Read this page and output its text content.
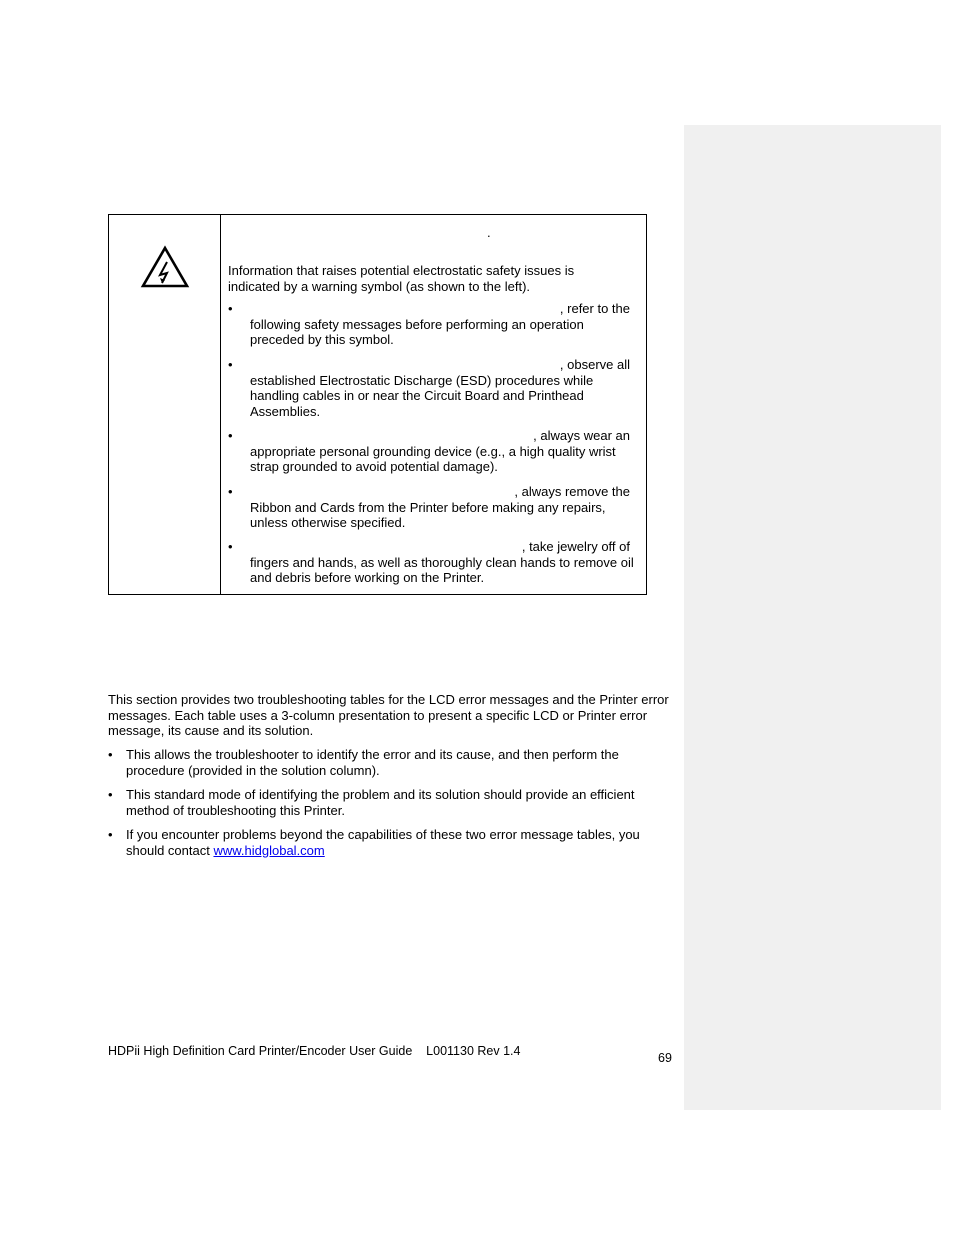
.
Information that raises potential electrostatic safety issues is indicated by a warning symbol (as shown to the left).
•	, refer to the
following safety messages before performing an operation preceded by this symbol.
•	, observe all
established Electrostatic Discharge (ESD) procedures while handling cables in or near the Circuit Board and Printhead Assemblies.
•	, always wear an
appropriate personal grounding device (e.g., a high quality wrist strap grounded to avoid potential damage).
•	, always remove the
Ribbon and Cards from the Printer before making any repairs, unless otherwise specified.
•	, take jewelry off of
fingers and hands, as well as thoroughly clean hands to remove oil and debris before working on the Printer.
This section provides two troubleshooting tables for the LCD error messages and the Printer error messages. Each table uses a 3-column presentation to present a specific LCD or Printer error message, its cause and its solution.
• This allows the troubleshooter to identify the error and its cause, and then perform the procedure (provided in the solution column).
• This standard mode of identifying the problem and its solution should provide an efficient method of troubleshooting this Printer.
• If you encounter problems beyond the capabilities of these two error message tables, you should contact www.hidglobal.com
HDPii High Definition Card Printer/Encoder User Guide    L001130 Rev 1.4	69
